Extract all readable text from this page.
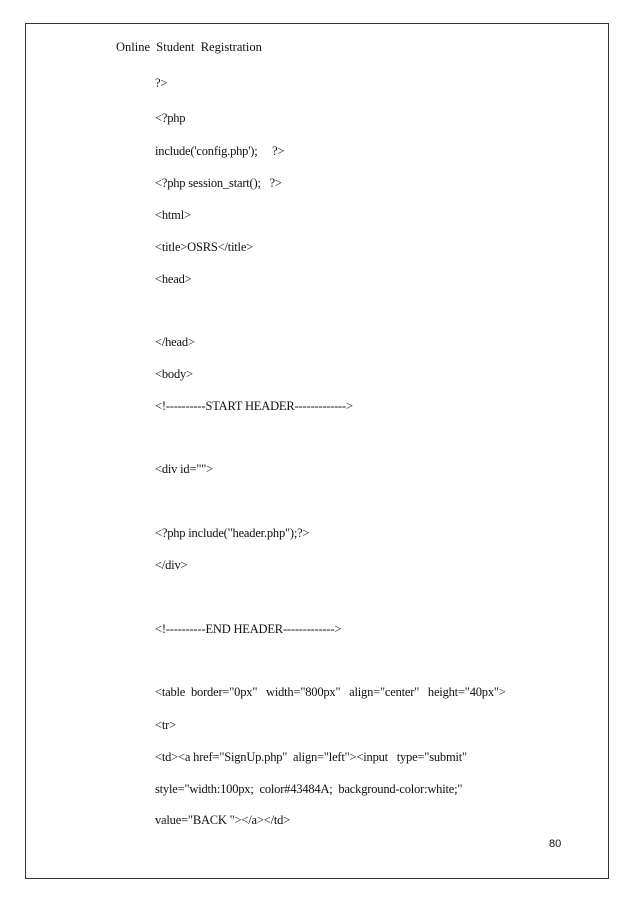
Online  Student  Registration
?>
<?php
include('config.php');     ?>
<?php session_start();   ?>
<html>
<title>OSRS</title>
<head>
</head>
<body>
<!----------START HEADER------------->
<div id="">
<?php include("header.php");?>
</div>
<!----------END HEADER------------->
<table  border="0px"   width="800px"   align="center"   height="40px">
<tr>
<td><a href="SignUp.php"  align="left"><input   type="submit"
style="width:100px;  color#43484A;  background-color:white;"
value="BACK "></a></td>
80
